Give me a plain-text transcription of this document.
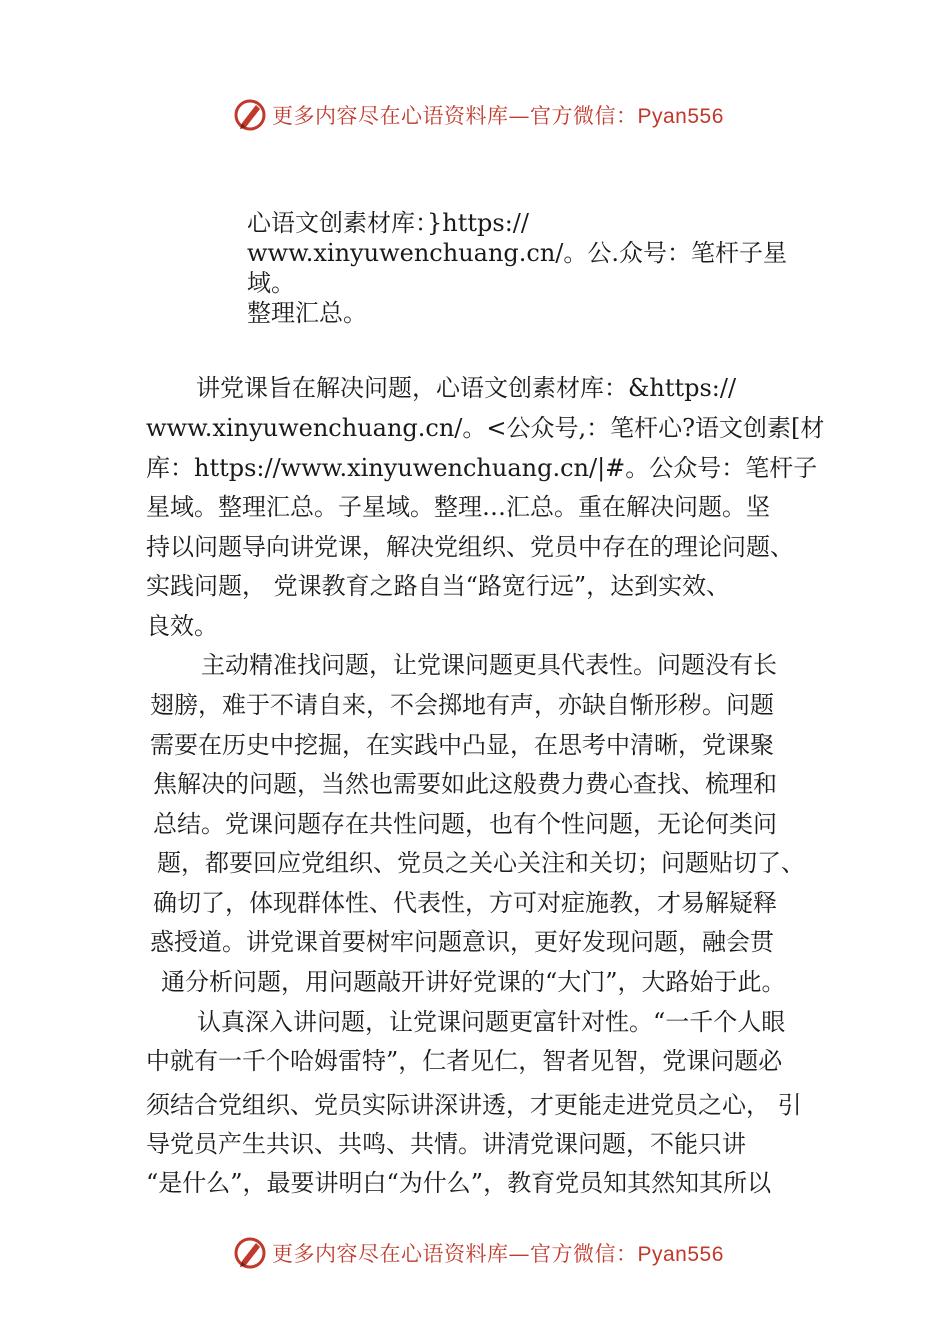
更多内容尽在心语资料库—官方微信：Pyan556
心语文创素材库：}https://
www.xinyuwenchuang.cn/。公.众号：笔杆子星域。
整理汇总。
讲党课旨在解决问题，心语文创素材库：&https://
www.xinyuwenchuang.cn/。<公众号,：笔杆心?语文创素[材
库：https://www.xinyuwenchuang.cn/|#。公众号：笔杆子
星域。整理汇总。子星域。整理…汇总。重在解决问题。坚
持以问题导向讲党课，解决党组织、党员中存在的理论问题、
实践问题， 党课教育之路自当“路宽行远”，达到实效、
良效。
主动精准找问题，让党课问题更具代表性。问题没有长
翅膀，难于不请自来，不会掷地有声，亦缺自惭形秽。问题
需要在历史中挖掘，在实践中凸显，在思考中清晰，党课聚
焦解决的问题，当然也需要如此这般费力费心查找、梳理和
总结。党课问题存在共性问题，也有个性问题，无论何类问
题，都要回应党组织、党员之关心关注和关切；问题贴切了、
确切了，体现群体性、代表性，方可对症施教，才易解疑释
惑授道。讲党课首要树牢问题意识，更好发现问题，融会贯
通分析问题，用问题敲开讲好党课的“大门”，大路始于此。
认真深入讲问题，让党课问题更富针对性。“一千个人眼
中就有一千个哈姆雷特”，仁者见仁，智者见智，党课问题必
须结合党组织、党员实际讲深讲透，才更能走进党员之心， 引
导党员产生共识、共鸣、共情。讲清党课问题，不能只讲
“是什么”，最要讲明白“为什么”，教育党员知其然知其所以
更多内容尽在心语资料库—官方微信：Pyan556
